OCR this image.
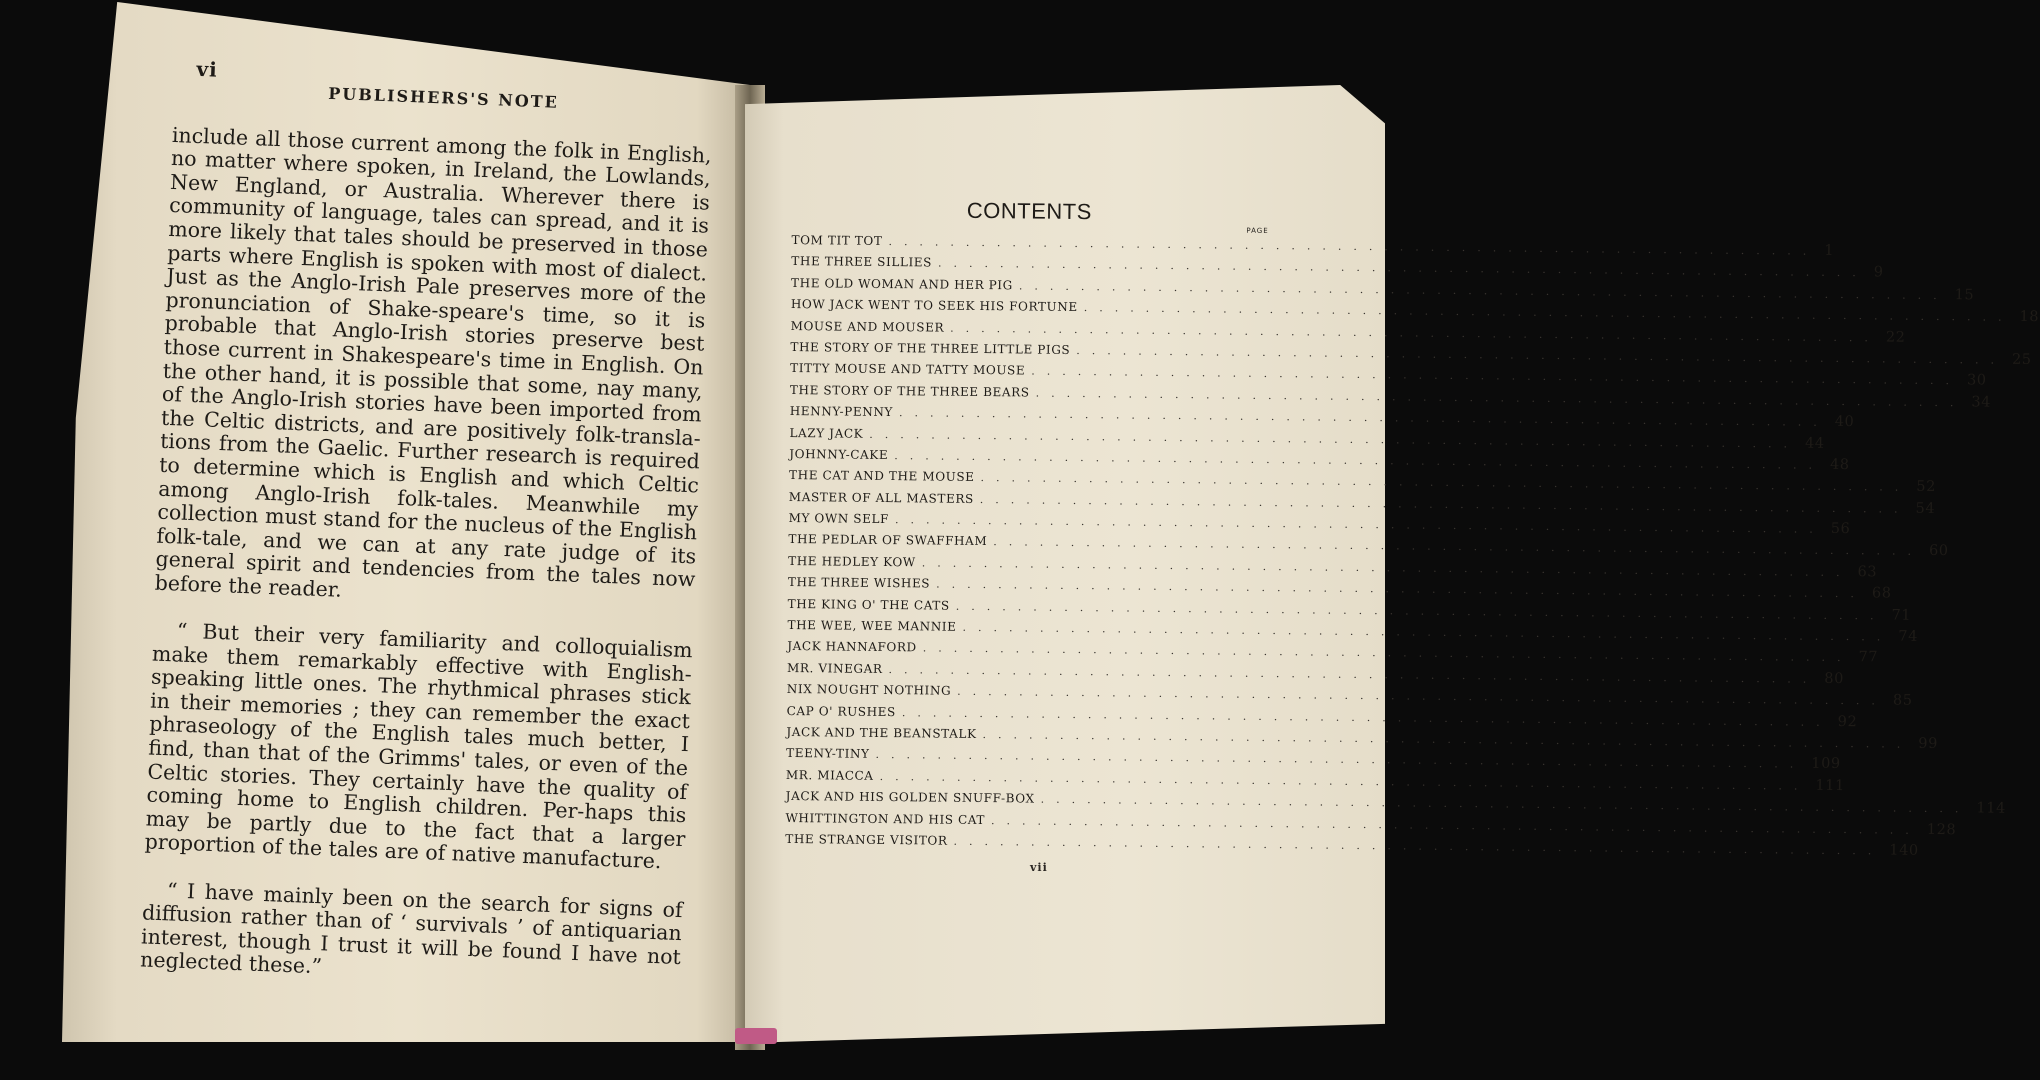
vi
PUBLISHERS'S NOTE

include all those current among the folk in English, no matter where spoken, in Ireland, the Lowlands, New England, or Australia. Wherever there is community of language, tales can spread, and it is more likely that tales should be preserved in those parts where English is spoken with most of dialect. Just as the Anglo-Irish Pale preserves more of the pronunciation of Shake-speare's time, so it is probable that Anglo-Irish stories preserve best those current in Shakespeare's time in English. On the other hand, it is possible that some, nay many, of the Anglo-Irish stories have been imported from the Celtic districts, and are positively folk-transla-tions from the Gaelic. Further research is required to determine which is English and which Celtic among Anglo-Irish folk-tales. Meanwhile my collection must stand for the nucleus of the English folk-tale, and we can at any rate judge of its general spirit and tendencies from the tales now before the reader.

“ But their very familiarity and colloquialism make them remarkably effective with English-speaking little ones. The rhythmical phrases stick in their memories ; they can remember the exact phraseology of the English tales much better, I find, than that of the Grimms' tales, or even of the Celtic stories. They certainly have the quality of coming home to English children. Per-haps this may be partly due to the fact that a larger proportion of the tales are of native manufacture.

“ I have mainly been on the search for signs of diffusion rather than of ‘ survivals ’ of antiquarian interest, though I trust it will be found I have not neglected these.”

CONTENTS
PAGE
TOM TIT TOT ............................................................ 1
THE THREE SILLIES ............................................................ 9
THE OLD WOMAN AND HER PIG ............................................................ 15
HOW JACK WENT TO SEEK HIS FORTUNE ............................................................ 18
MOUSE AND MOUSER ............................................................ 22
THE STORY OF THE THREE LITTLE PIGS ............................................................ 25
TITTY MOUSE AND TATTY MOUSE ............................................................ 30
THE STORY OF THE THREE BEARS ............................................................ 34
HENNY-PENNY ............................................................ 40
LAZY JACK ............................................................ 44
JOHNNY-CAKE ............................................................ 48
THE CAT AND THE MOUSE ............................................................ 52
MASTER OF ALL MASTERS ............................................................ 54
MY OWN SELF ............................................................ 56
THE PEDLAR OF SWAFFHAM ............................................................ 60
THE HEDLEY KOW ............................................................ 63
THE THREE WISHES ............................................................ 68
THE KING O' THE CATS ............................................................ 71
THE WEE, WEE MANNIE ............................................................ 74
JACK HANNAFORD ............................................................ 77
MR. VINEGAR ............................................................ 80
NIX NOUGHT NOTHING ............................................................ 85
CAP O' RUSHES ............................................................ 92
JACK AND THE BEANSTALK ............................................................ 99
TEENY-TINY ............................................................ 109
MR. MIACCA ............................................................ 111
JACK AND HIS GOLDEN SNUFF-BOX ............................................................ 114
WHITTINGTON AND HIS CAT ............................................................ 128
THE STRANGE VISITOR ............................................................ 140
vii
